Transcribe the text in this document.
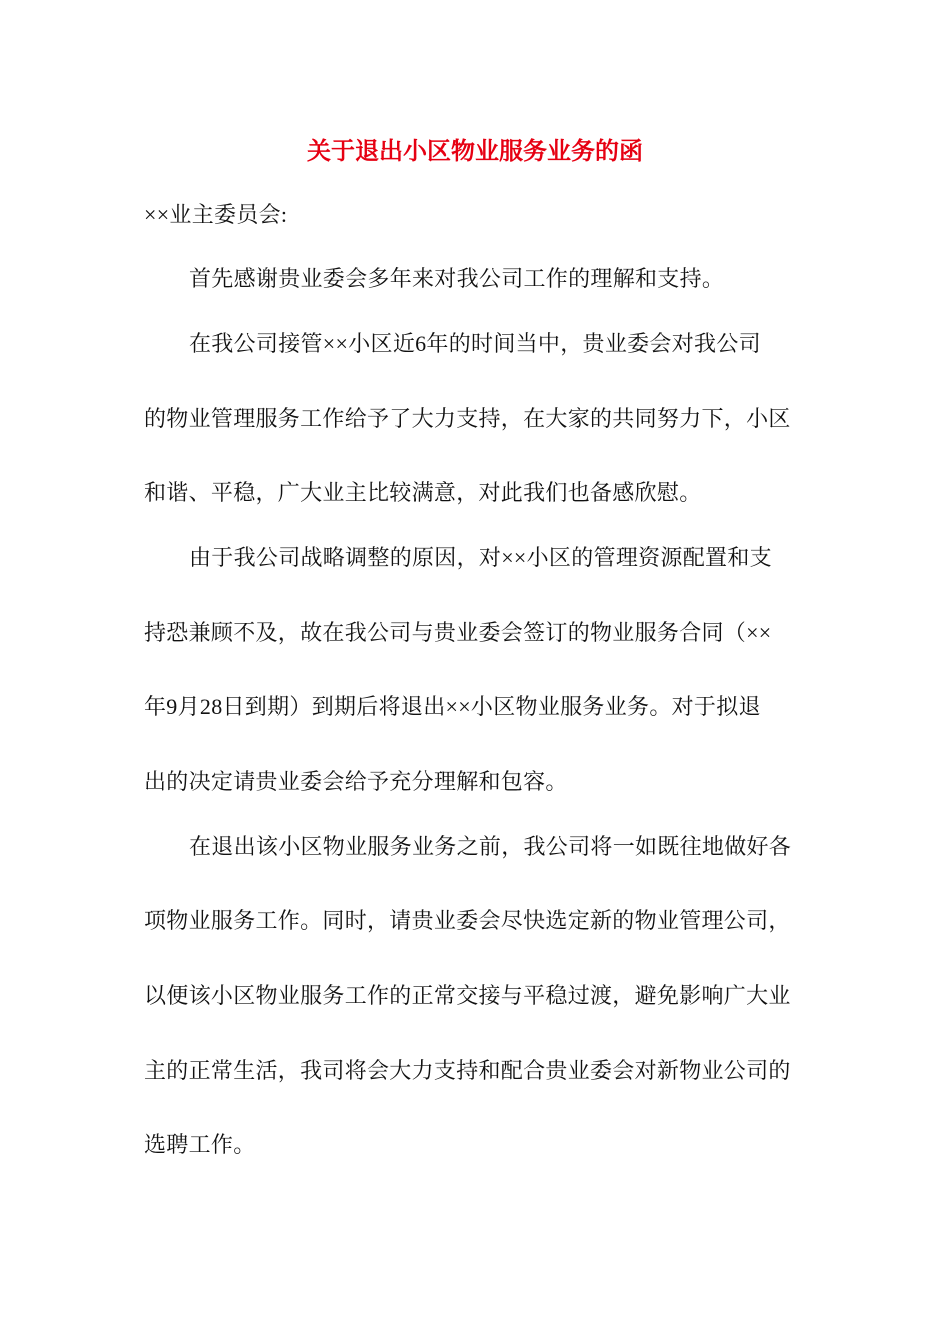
关于退出小区物业服务业务的函
××业主委员会:
首先感谢贵业委会多年来对我公司工作的理解和支持。
在我公司接管××小区近6年的时间当中，贵业委会对我公司
的物业管理服务工作给予了大力支持，在大家的共同努力下，小区
和谐、平稳，广大业主比较满意，对此我们也备感欣慰。
由于我公司战略调整的原因，对××小区的管理资源配置和支
持恐兼顾不及，故在我公司与贵业委会签订的物业服务合同（××
年9月28日到期）到期后将退出××小区物业服务业务。对于拟退
出的决定请贵业委会给予充分理解和包容。
在退出该小区物业服务业务之前，我公司将一如既往地做好各
项物业服务工作。同时，请贵业委会尽快选定新的物业管理公司，
以便该小区物业服务工作的正常交接与平稳过渡，避免影响广大业
主的正常生活，我司将会大力支持和配合贵业委会对新物业公司的
选聘工作。
